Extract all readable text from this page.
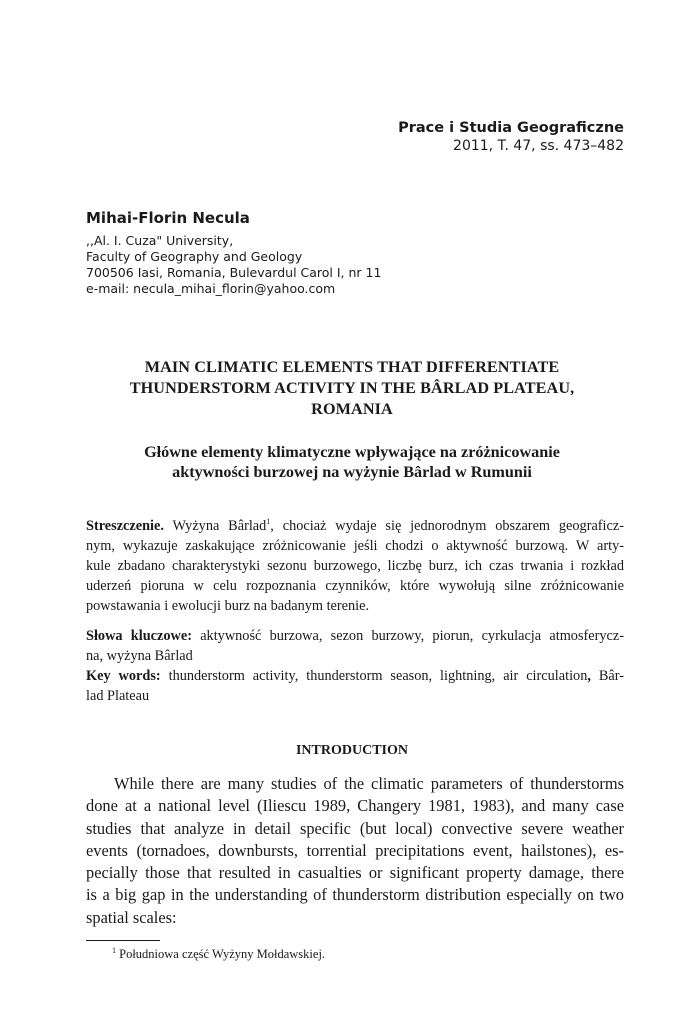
Prace i Studia Geograficzne
2011, T. 47, ss. 473–482
Mihai-Florin Necula
,,Al. I. Cuza" University,
Faculty of Geography and Geology
700506 Iasi, Romania, Bulevardul Carol I, nr 11
e-mail: necula_mihai_florin@yahoo.com
MAIN CLIMATIC ELEMENTS THAT DIFFERENTIATE
THUNDERSTORM ACTIVITY IN THE BÂRLAD PLATEAU,
ROMANIA
Główne elementy klimatyczne wpływające na zróżnicowanie
aktywności burzowej na wyżynie Bârlad w Rumunii
Streszczenie. Wyżyna Bârlad$^1$, chociaż wydaje się jednorodnym obszarem geograficz-
nym, wykazuje zaskakujące zróżnicowanie jeśli chodzi o aktywność burzową. W arty-
kule zbadano charakterystyki sezonu burzowego, liczbę burz, ich czas trwania i rozkład
uderzeń pioruna w celu rozpoznania czynników, które wywołują silne zróżnicowanie
powstawania i ewolucji burz na badanym terenie.
Słowa kluczowe: aktywność burzowa, sezon burzowy, piorun, cyrkulacja atmosferycz-
na, wyżyna Bârlad
Key words: thunderstorm activity, thunderstorm season, lightning, air circulation, Bâr-
lad Plateau
INTRODUCTION
While there are many studies of the climatic parameters of thunderstorms
done at a national level (Iliescu 1989, Changery 1981, 1983), and many case
studies that analyze in detail specific (but local) convective severe weather
events (tornadoes, downbursts, torrential precipitations event, hailstones), es-
pecially those that resulted in casualties or significant property damage, there
is a big gap in the understanding of thunderstorm distribution especially on two
spatial scales:
$^1$ Południowa część Wyżyny Mołdawskiej.
